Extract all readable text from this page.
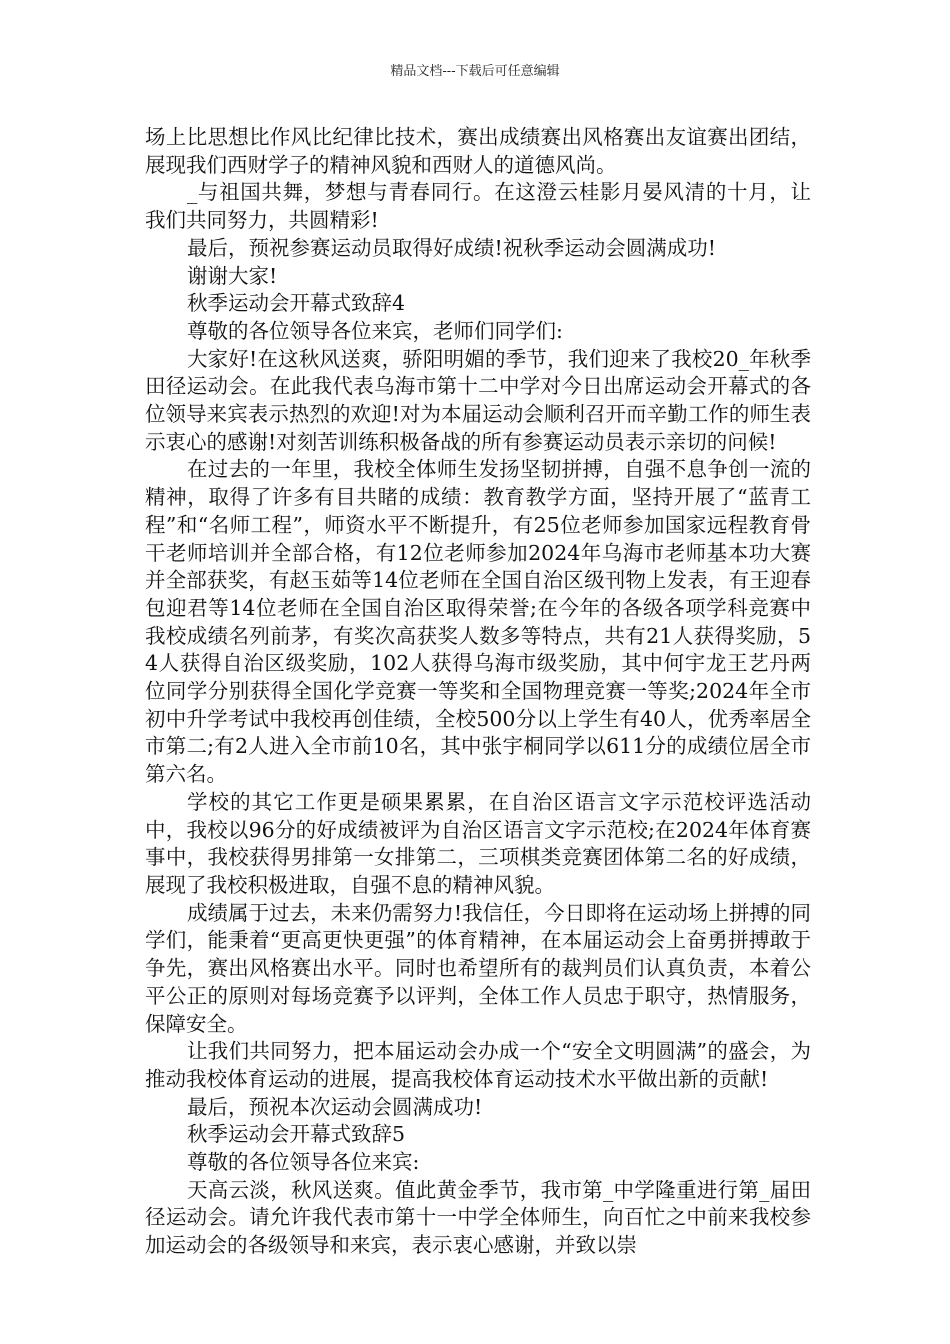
精品文档---下载后可任意编辑

场上比思想比作风比纪律比技术，赛出成绩赛出风格赛出友谊赛出团结，展现我们西财学子的精神风貌和西财人的道德风尚。

_与祖国共舞，梦想与青春同行。在这澄云桂影月晏风清的十月，让我们共同努力，共圆精彩!

最后，预祝参赛运动员取得好成绩!祝秋季运动会圆满成功!

谢谢大家!

秋季运动会开幕式致辞4

尊敬的各位领导各位来宾，老师们同学们:

大家好!在这秋风送爽，骄阳明媚的季节，我们迎来了我校20_年秋季田径运动会。在此我代表乌海市第十二中学对今日出席运动会开幕式的各位领导来宾表示热烈的欢迎!对为本届运动会顺利召开而辛勤工作的师生表示衷心的感谢!对刻苦训练积极备战的所有参赛运动员表示亲切的问候!

在过去的一年里，我校全体师生发扬坚韧拼搏，自强不息争创一流的精神，取得了许多有目共睹的成绩：教育教学方面，坚持开展了“蓝青工程”和“名师工程”，师资水平不断提升，有25位老师参加国家远程教育骨干老师培训并全部合格，有12位老师参加2024年乌海市老师基本功大赛并全部获奖，有赵玉茹等14位老师在全国自治区级刊物上发表，有王迎春包迎君等14位老师在全国自治区取得荣誉;在今年的各级各项学科竞赛中我校成绩名列前茅，有奖次高获奖人数多等特点，共有21人获得奖励，54人获得自治区级奖励，102人获得乌海市级奖励，其中何宇龙王艺丹两位同学分别获得全国化学竞赛一等奖和全国物理竞赛一等奖;2024年全市初中升学考试中我校再创佳绩，全校500分以上学生有40人，优秀率居全市第二;有2人进入全市前10名，其中张宇桐同学以611分的成绩位居全市第六名。

学校的其它工作更是硕果累累，在自治区语言文字示范校评选活动中，我校以96分的好成绩被评为自治区语言文字示范校;在2024年体育赛事中，我校获得男排第一女排第二，三项棋类竞赛团体第二名的好成绩，展现了我校积极进取，自强不息的精神风貌。

成绩属于过去，未来仍需努力!我信任，今日即将在运动场上拼搏的同学们，能秉着“更高更快更强”的体育精神，在本届运动会上奋勇拼搏敢于争先，赛出风格赛出水平。同时也希望所有的裁判员们认真负责，本着公平公正的原则对每场竞赛予以评判，全体工作人员忠于职守，热情服务，保障安全。

让我们共同努力，把本届运动会办成一个“安全文明圆满”的盛会，为推动我校体育运动的进展，提高我校体育运动技术水平做出新的贡献!

最后，预祝本次运动会圆满成功!

秋季运动会开幕式致辞5

尊敬的各位领导各位来宾:

天高云淡，秋风送爽。值此黄金季节，我市第_中学隆重进行第_届田径运动会。请允许我代表市第十一中学全体师生，向百忙之中前来我校参加运动会的各级领导和来宾，表示衷心感谢，并致以崇
